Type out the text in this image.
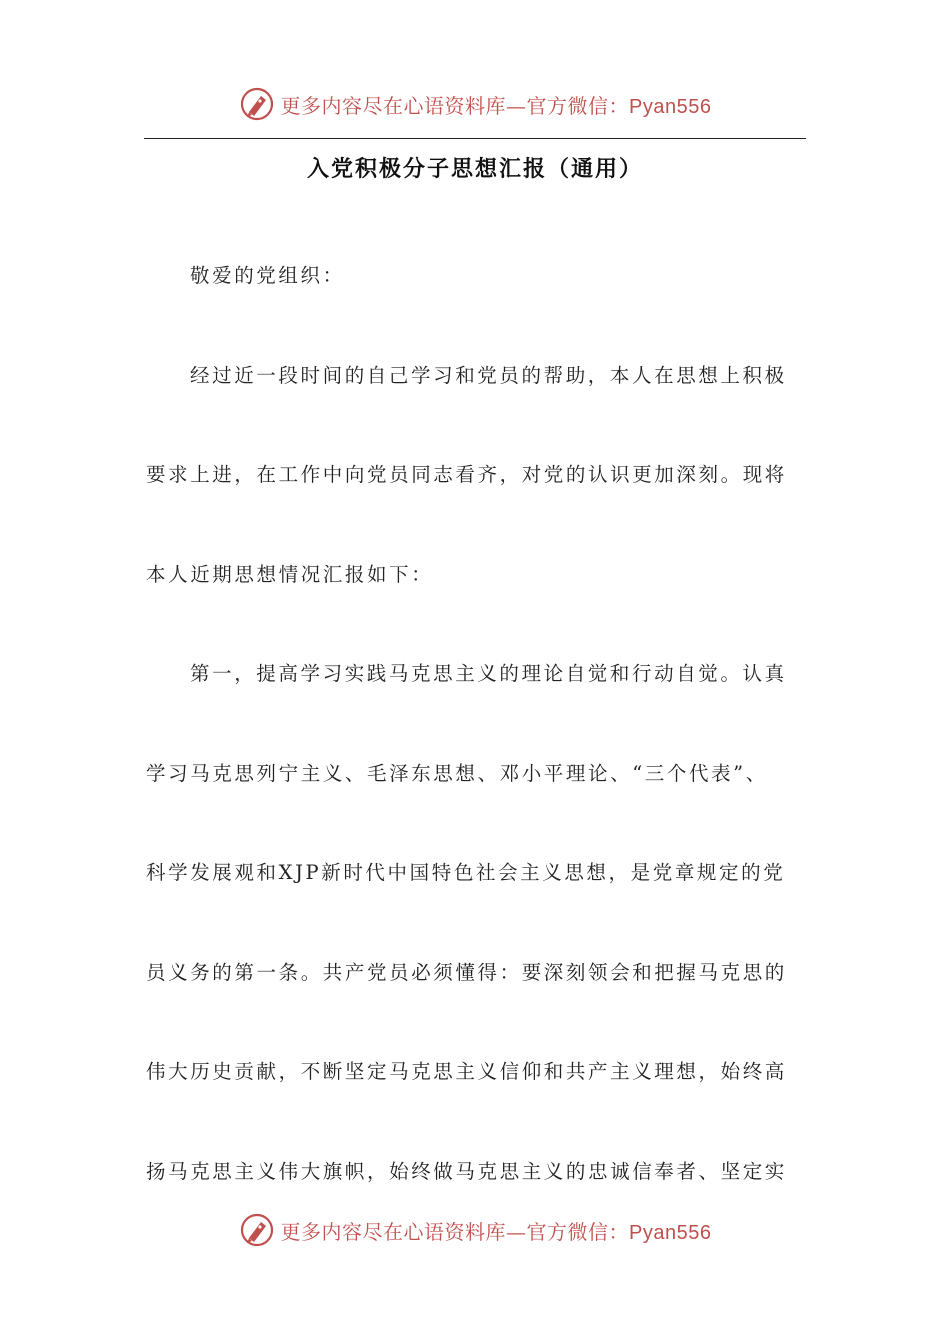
更多内容尽在心语资料库—官方微信：Pyan556
入党积极分子思想汇报（通用）
敬爱的党组织：
经过近一段时间的自己学习和党员的帮助，本人在思想上积极
要求上进，在工作中向党员同志看齐，对党的认识更加深刻。现将
本人近期思想情况汇报如下：
第一，提高学习实践马克思主义的理论自觉和行动自觉。认真
学习马克思列宁主义、毛泽东思想、邓小平理论、“三个代表”、
科学发展观和XJP新时代中国特色社会主义思想，是党章规定的党
员义务的第一条。共产党员必须懂得：要深刻领会和把握马克思的
伟大历史贡献，不断坚定马克思主义信仰和共产主义理想，始终高
扬马克思主义伟大旗帜，始终做马克思主义的忠诚信奉者、坚定实
更多内容尽在心语资料库—官方微信：Pyan556
